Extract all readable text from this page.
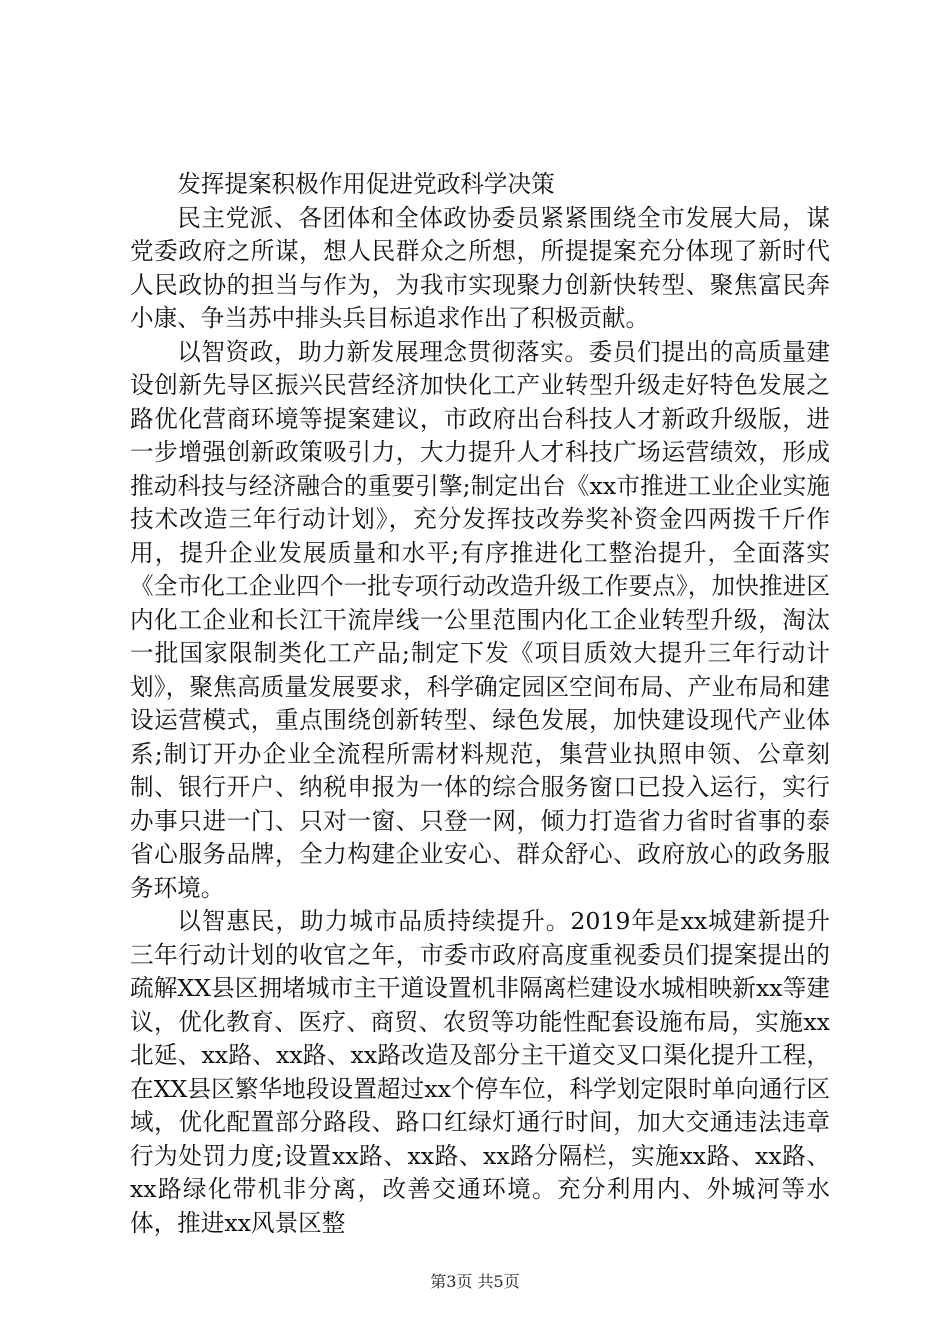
发挥提案积极作用促进党政科学决策

民主党派、各团体和全体政协委员紧紧围绕全市发展大局，谋党委政府之所谋，想人民群众之所想，所提提案充分体现了新时代人民政协的担当与作为，为我市实现聚力创新快转型、聚焦富民奔小康、争当苏中排头兵目标追求作出了积极贡献。

以智资政，助力新发展理念贯彻落实。委员们提出的高质量建设创新先导区振兴民营经济加快化工产业转型升级走好特色发展之路优化营商环境等提案建议，市政府出台科技人才新政升级版，进一步增强创新政策吸引力，大力提升人才科技广场运营绩效，形成推动科技与经济融合的重要引擎;制定出台《xx市推进工业企业实施技术改造三年行动计划》，充分发挥技改券奖补资金四两拨千斤作用，提升企业发展质量和水平;有序推进化工整治提升，全面落实《全市化工企业四个一批专项行动改造升级工作要点》，加快推进区内化工企业和长江干流岸线一公里范围内化工企业转型升级，淘汰一批国家限制类化工产品;制定下发《项目质效大提升三年行动计划》，聚焦高质量发展要求，科学确定园区空间布局、产业布局和建设运营模式，重点围绕创新转型、绿色发展，加快建设现代产业体系;制订开办企业全流程所需材料规范，集营业执照申领、公章刻制、银行开户、纳税申报为一体的综合服务窗口已投入运行，实行办事只进一门、只对一窗、只登一网，倾力打造省力省时省事的泰省心服务品牌，全力构建企业安心、群众舒心、政府放心的政务服务环境。

以智惠民，助力城市品质持续提升。2019年是xx城建新提升三年行动计划的收官之年，市委市政府高度重视委员们提案提出的疏解XX县区拥堵城市主干道设置机非隔离栏建设水城相映新xx等建议，优化教育、医疗、商贸、农贸等功能性配套设施布局，实施xx北延、xx路、xx路、xx路改造及部分主干道交叉口渠化提升工程，在XX县区繁华地段设置超过xx个停车位，科学划定限时单向通行区域，优化配置部分路段、路口红绿灯通行时间，加大交通违法违章行为处罚力度;设置xx路、xx路、xx路分隔栏，实施xx路、xx路、xx路绿化带机非分离，改善交通环境。充分利用内、外城河等水体，推进xx风景区整

第3页 共5页
